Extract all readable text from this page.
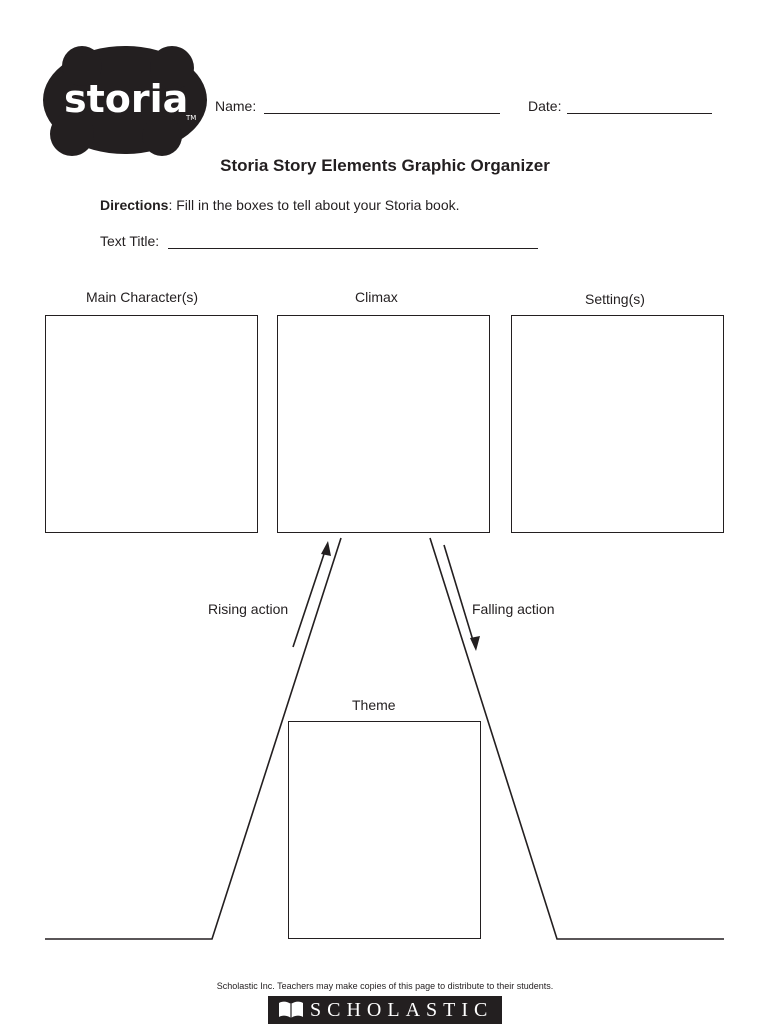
storia
TM
Name:	Date:
Storia Story Elements Graphic Organizer
Directions: Fill in the boxes to tell about your Storia book.
Text Title:
Main Character(s)	Climax	Setting(s)
Rising action	Falling action
Theme
Scholastic Inc. Teachers may make copies of this page to distribute to their students.
SCHOLASTIC
